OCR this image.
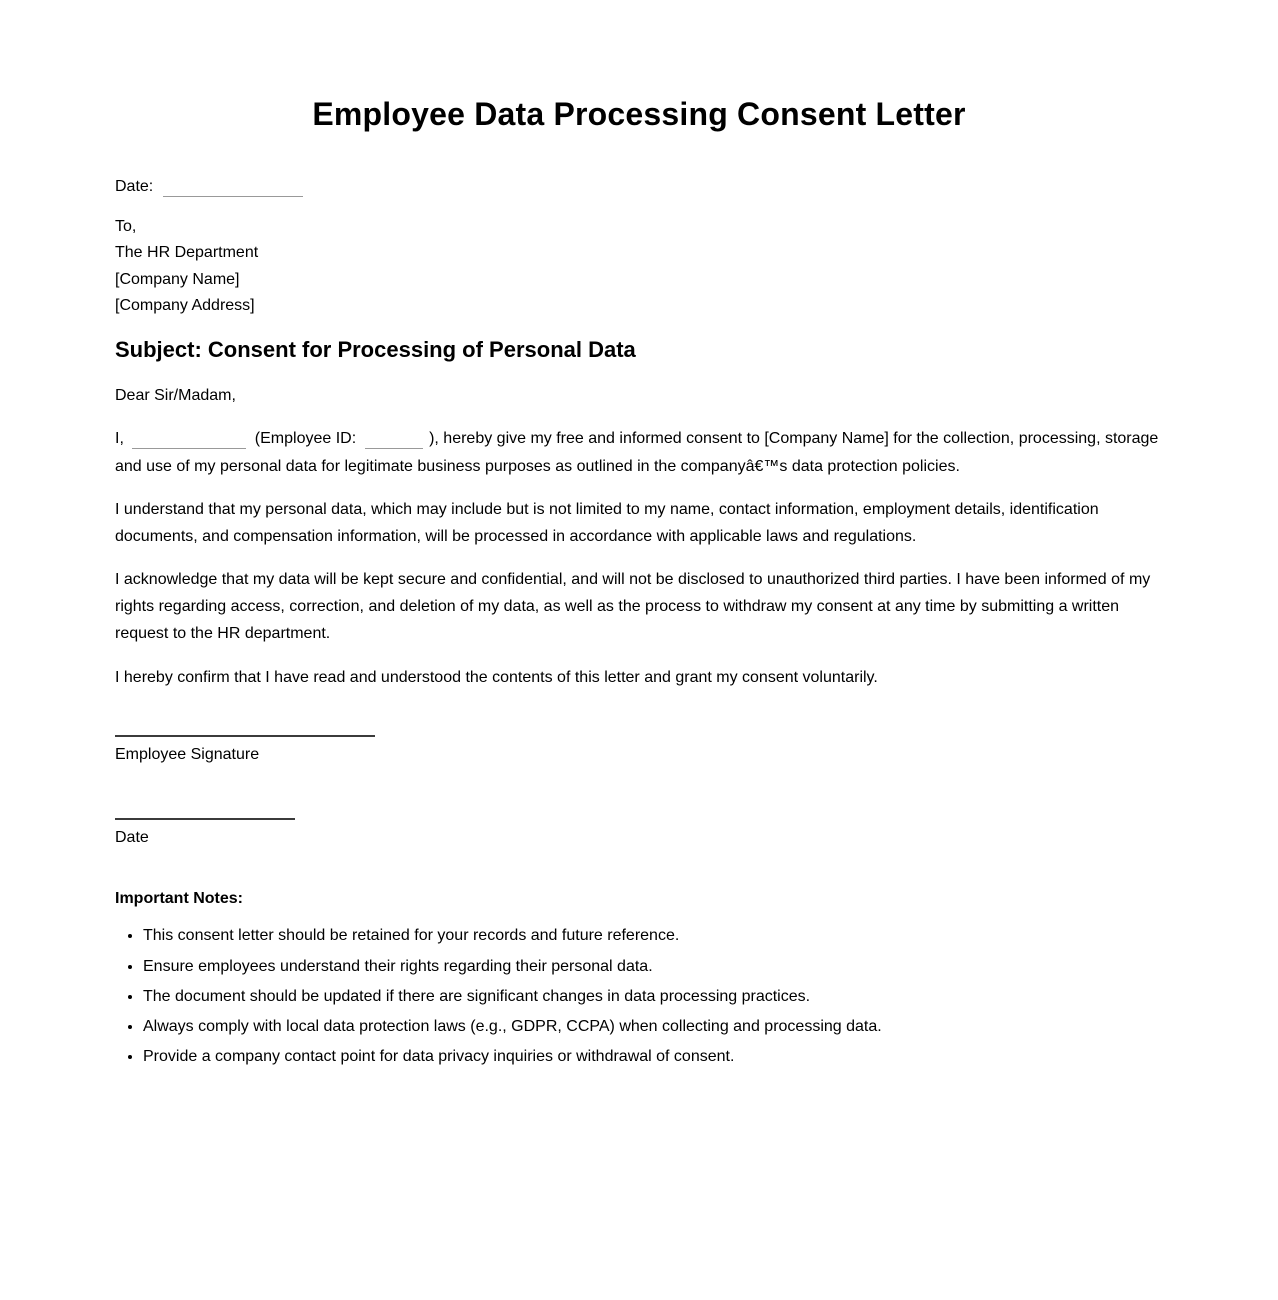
Employee Data Processing Consent Letter
Date:
To,
The HR Department
[Company Name]
[Company Address]
Subject: Consent for Processing of Personal Data

Dear Sir/Madam,

I,	(Employee ID:	), hereby give my free and informed consent to [Company Name] for the collection, processing, storage and use of my personal data for legitimate business purposes as outlined in the companyâ€™s data protection policies.

I understand that my personal data, which may include but is not limited to my name, contact information, employment details, identification documents, and compensation information, will be processed in accordance with applicable laws and regulations.

I acknowledge that my data will be kept secure and confidential, and will not be disclosed to unauthorized third parties. I have been informed of my rights regarding access, correction, and deletion of my data, as well as the process to withdraw my consent at any time by submitting a written request to the HR department.

I hereby confirm that I have read and understood the contents of this letter and grant my consent voluntarily.

Employee Signature

Date

Important Notes:

• This consent letter should be retained for your records and future reference.
• Ensure employees understand their rights regarding their personal data.
• The document should be updated if there are significant changes in data processing practices.
• Always comply with local data protection laws (e.g., GDPR, CCPA) when collecting and processing data.
• Provide a company contact point for data privacy inquiries or withdrawal of consent.
